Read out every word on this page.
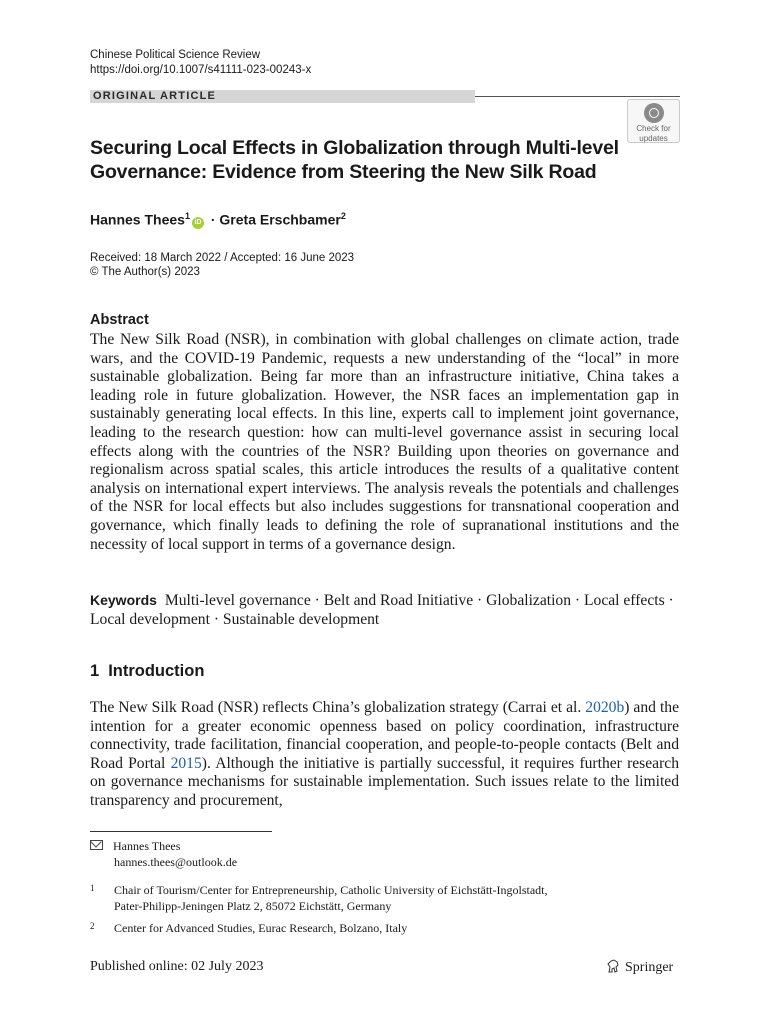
Chinese Political Science Review
https://doi.org/10.1007/s41111-023-00243-x
ORIGINAL ARTICLE
Check for
updates
Securing Local Effects in Globalization through Multi-level Governance: Evidence from Steering the New Silk Road
Hannes Thees$^1$iD · Greta Erschbamer$^2$
Received: 18 March 2022 / Accepted: 16 June 2023
© The Author(s) 2023
Abstract
The New Silk Road (NSR), in combination with global challenges on climate action, trade wars, and the COVID-19 Pandemic, requests a new understanding of the “local” in more sustainable globalization. Being far more than an infrastructure initiative, China takes a leading role in future globalization. However, the NSR faces an implementation gap in sustainably generating local effects. In this line, experts call to implement joint governance, leading to the research question: how can multi-level governance assist in securing local effects along with the countries of the NSR? Building upon theories on governance and regionalism across spatial scales, this article introduces the results of a qualitative content analysis on international expert interviews. The analysis reveals the potentials and challenges of the NSR for local effects but also includes suggestions for transnational cooperation and governance, which finally leads to defining the role of supranational institutions and the necessity of local support in terms of a governance design.
Keywords Multi-level governance · Belt and Road Initiative · Globalization · Local effects · Local development · Sustainable development
1 Introduction
The New Silk Road (NSR) reflects China’s globalization strategy (Carrai et al. 2020b) and the intention for a greater economic openness based on policy coordination, infrastructure connectivity, trade facilitation, financial cooperation, and people-to-people contacts (Belt and Road Portal 2015). Although the initiative is partially successful, it requires further research on governance mechanisms for sustainable implementation. Such issues relate to the limited transparency and procurement,
Hannes Thees
hannes.thees@outlook.de
1 Chair of Tourism/Center for Entrepreneurship, Catholic University of Eichstätt-Ingolstadt,
Pater-Philipp-Jeningen Platz 2, 85072 Eichstätt, Germany
2 Center for Advanced Studies, Eurac Research, Bolzano, Italy
Published online: 02 July 2023	Springer
